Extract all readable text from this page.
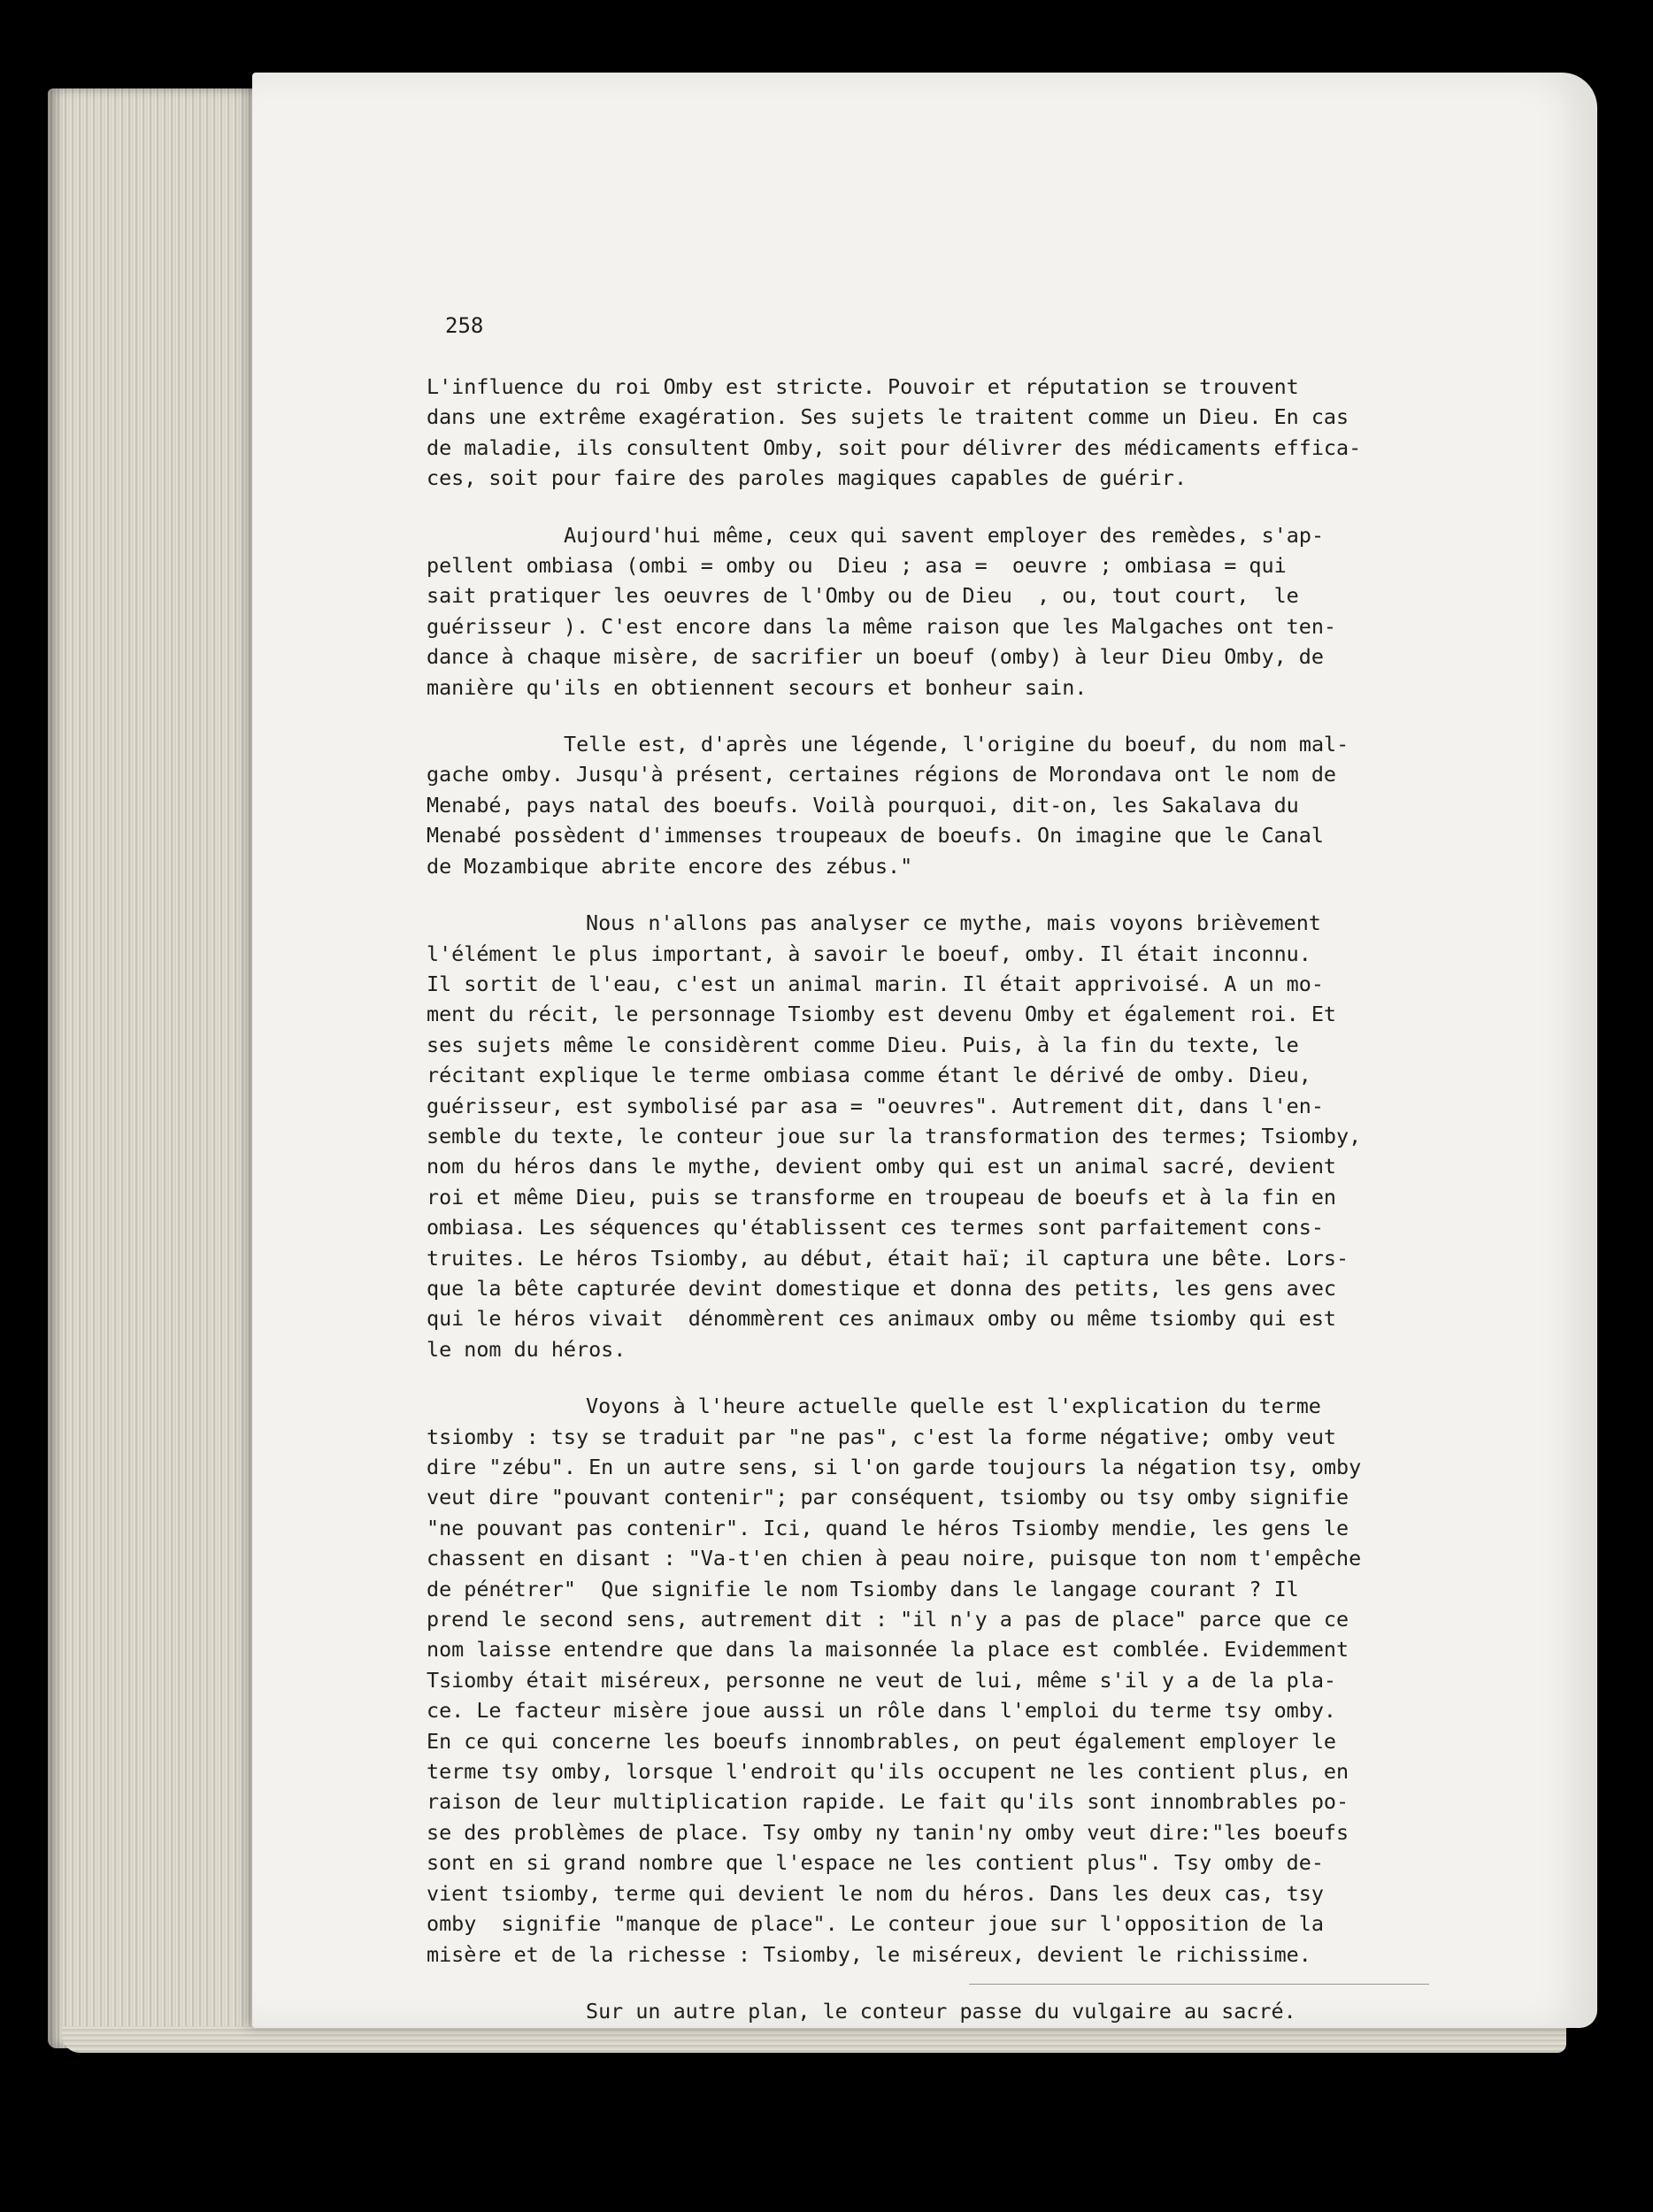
258
L'influence du roi Omby est stricte. Pouvoir et réputation se trouvent
dans une extrême exagération. Ses sujets le traitent comme un Dieu. En cas
de maladie, ils consultent Omby, soit pour délivrer des médicaments effica-
ces, soit pour faire des paroles magiques capables de guérir.
Aujourd'hui même, ceux qui savent employer des remèdes, s'ap-
pellent ombiasa (ombi = omby ou  Dieu ; asa =  oeuvre ; ombiasa = qui
sait pratiquer les oeuvres de l'Omby ou de Dieu  , ou, tout court,  le
guérisseur ). C'est encore dans la même raison que les Malgaches ont ten-
dance à chaque misère, de sacrifier un boeuf (omby) à leur Dieu Omby, de
manière qu'ils en obtiennent secours et bonheur sain.
Telle est, d'après une légende, l'origine du boeuf, du nom mal-
gache omby. Jusqu'à présent, certaines régions de Morondava ont le nom de
Menabé, pays natal des boeufs. Voilà pourquoi, dit-on, les Sakalava du
Menabé possèdent d'immenses troupeaux de boeufs. On imagine que le Canal
de Mozambique abrite encore des zébus."
Nous n'allons pas analyser ce mythe, mais voyons brièvement
l'élément le plus important, à savoir le boeuf, omby. Il était inconnu.
Il sortit de l'eau, c'est un animal marin. Il était apprivoisé. A un mo-
ment du récit, le personnage Tsiomby est devenu Omby et également roi. Et
ses sujets même le considèrent comme Dieu. Puis, à la fin du texte, le
récitant explique le terme ombiasa comme étant le dérivé de omby. Dieu,
guérisseur, est symbolisé par asa = "oeuvres". Autrement dit, dans l'en-
semble du texte, le conteur joue sur la transformation des termes; Tsiomby,
nom du héros dans le mythe, devient omby qui est un animal sacré, devient
roi et même Dieu, puis se transforme en troupeau de boeufs et à la fin en
ombiasa. Les séquences qu'établissent ces termes sont parfaitement cons-
truites. Le héros Tsiomby, au début, était haï; il captura une bête. Lors-
que la bête capturée devint domestique et donna des petits, les gens avec
qui le héros vivait  dénommèrent ces animaux omby ou même tsiomby qui est
le nom du héros.
Voyons à l'heure actuelle quelle est l'explication du terme
tsiomby : tsy se traduit par "ne pas", c'est la forme négative; omby veut
dire "zébu". En un autre sens, si l'on garde toujours la négation tsy, omby
veut dire "pouvant contenir"; par conséquent, tsiomby ou tsy omby signifie
"ne pouvant pas contenir". Ici, quand le héros Tsiomby mendie, les gens le
chassent en disant : "Va-t'en chien à peau noire, puisque ton nom t'empêche
de pénétrer"  Que signifie le nom Tsiomby dans le langage courant ? Il
prend le second sens, autrement dit : "il n'y a pas de place" parce que ce
nom laisse entendre que dans la maisonnée la place est comblée. Evidemment
Tsiomby était miséreux, personne ne veut de lui, même s'il y a de la pla-
ce. Le facteur misère joue aussi un rôle dans l'emploi du terme tsy omby.
En ce qui concerne les boeufs innombrables, on peut également employer le
terme tsy omby, lorsque l'endroit qu'ils occupent ne les contient plus, en
raison de leur multiplication rapide. Le fait qu'ils sont innombrables po-
se des problèmes de place. Tsy omby ny tanin'ny omby veut dire:"les boeufs
sont en si grand nombre que l'espace ne les contient plus". Tsy omby de-
vient tsiomby, terme qui devient le nom du héros. Dans les deux cas, tsy
omby  signifie "manque de place". Le conteur joue sur l'opposition de la
misère et de la richesse : Tsiomby, le miséreux, devient le richissime.
Sur un autre plan, le conteur passe du vulgaire au sacré.
